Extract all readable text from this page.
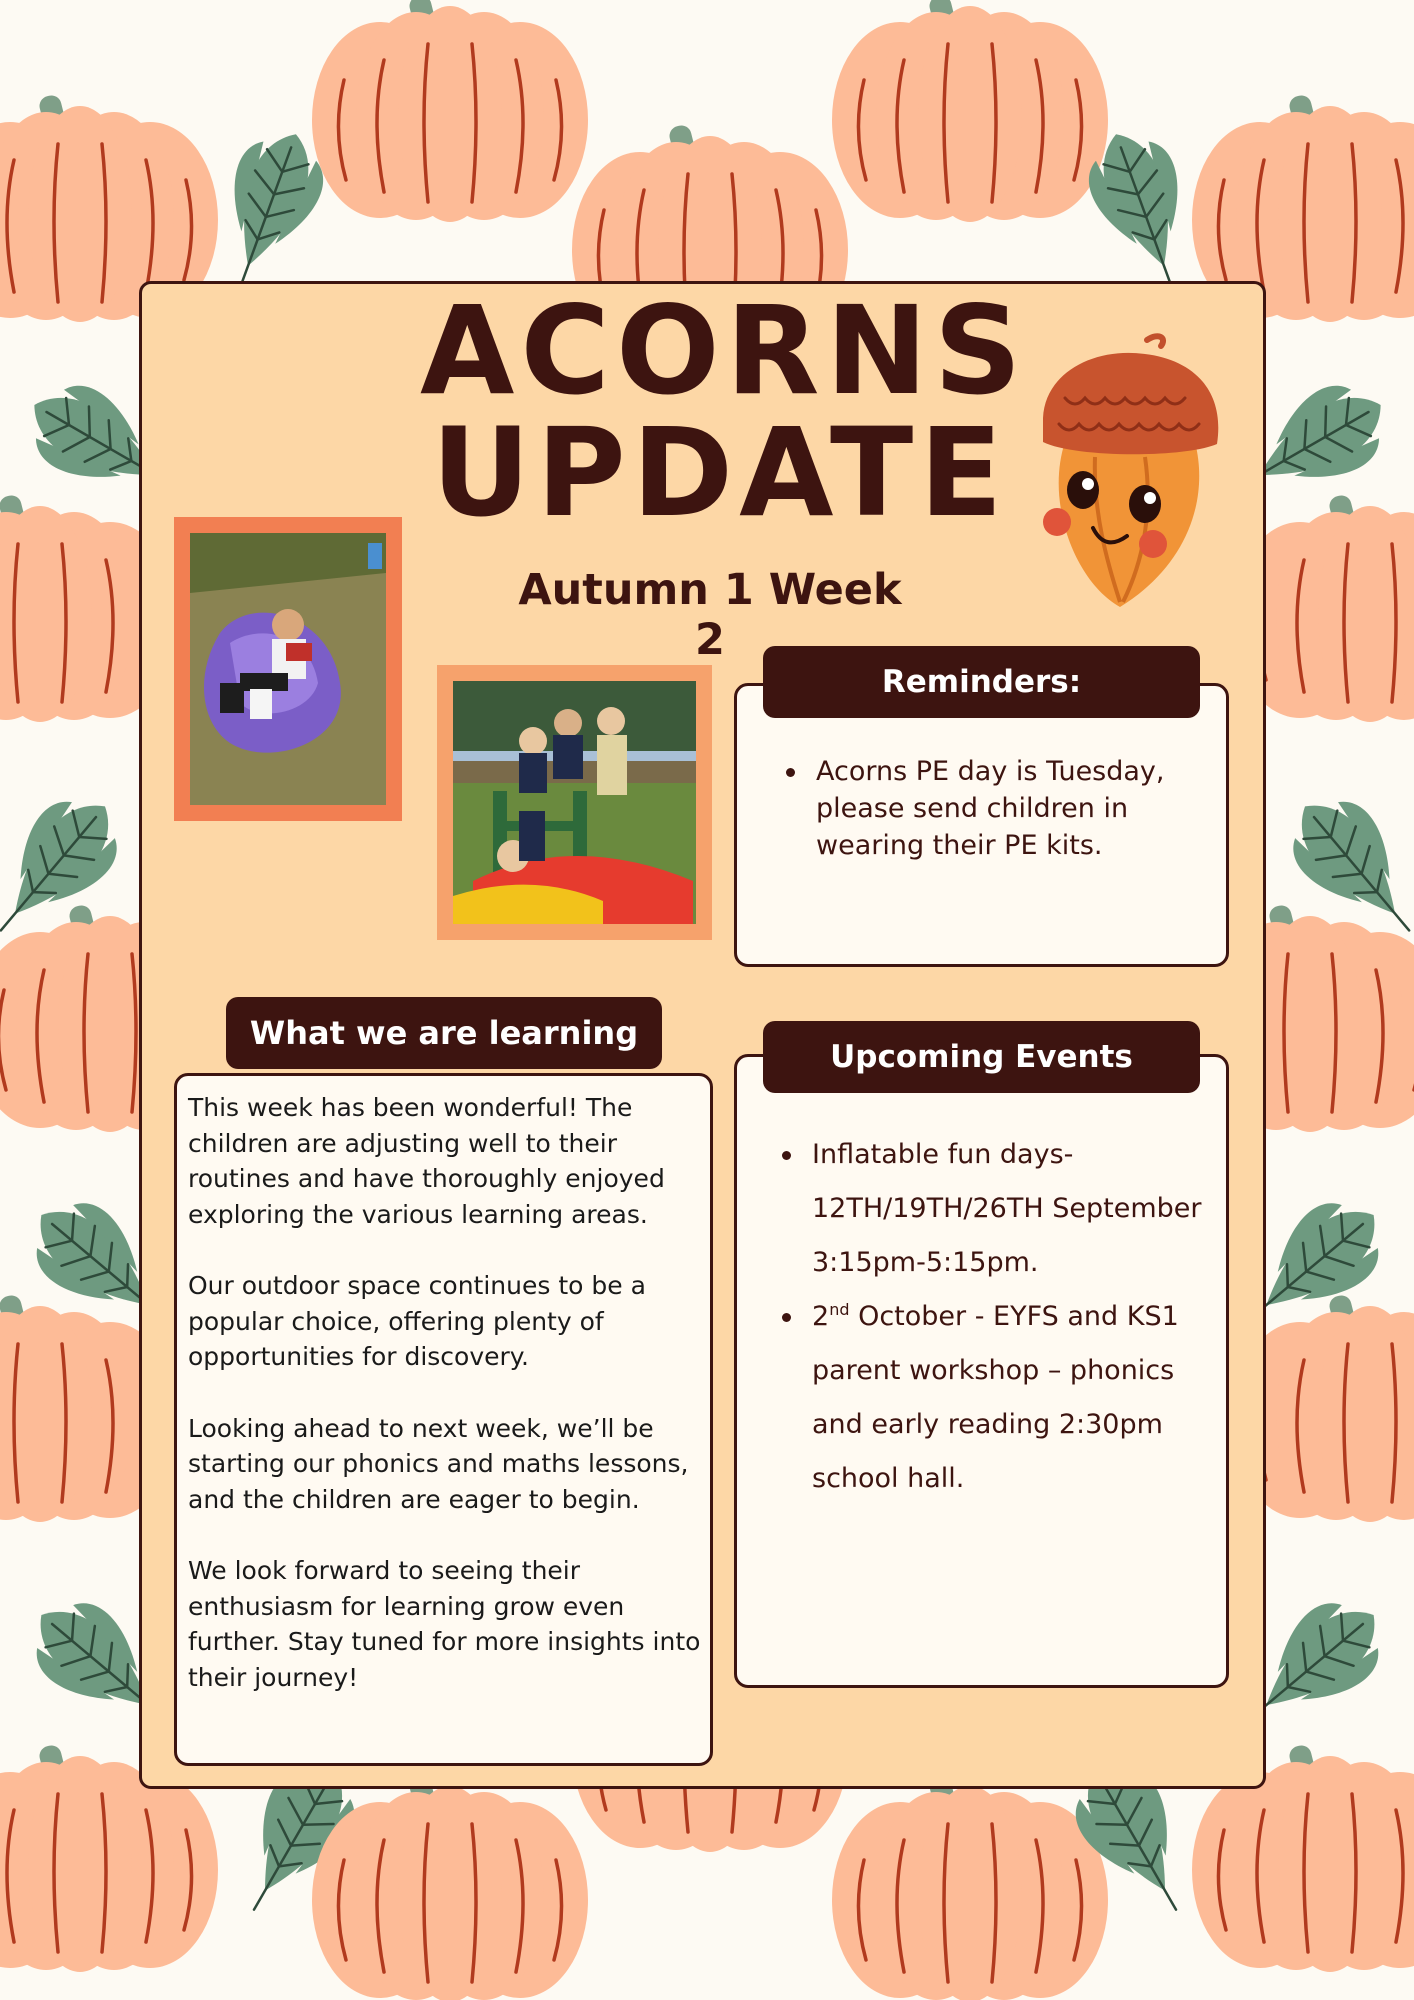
ACORNS
UPDATE
Autumn 1 Week 2
Reminders:
Acorns PE day is Tuesday, please send children in wearing their PE kits.
What we are learning

This week has been wonderful! The children are adjusting well to their routines and have thoroughly enjoyed exploring the various learning areas.

Our outdoor space continues to be a popular choice, offering plenty of opportunities for discovery.

Looking ahead to next week, we’ll be starting our phonics and maths lessons, and the children are eager to begin.

We look forward to seeing their enthusiasm for learning grow even further. Stay tuned for more insights into their journey!

Upcoming Events
Inflatable fun days- 12TH/19TH/26TH September 3:15pm-5:15pm.
2nd October - EYFS and KS1 parent workshop – phonics and early reading 2:30pm school hall.
